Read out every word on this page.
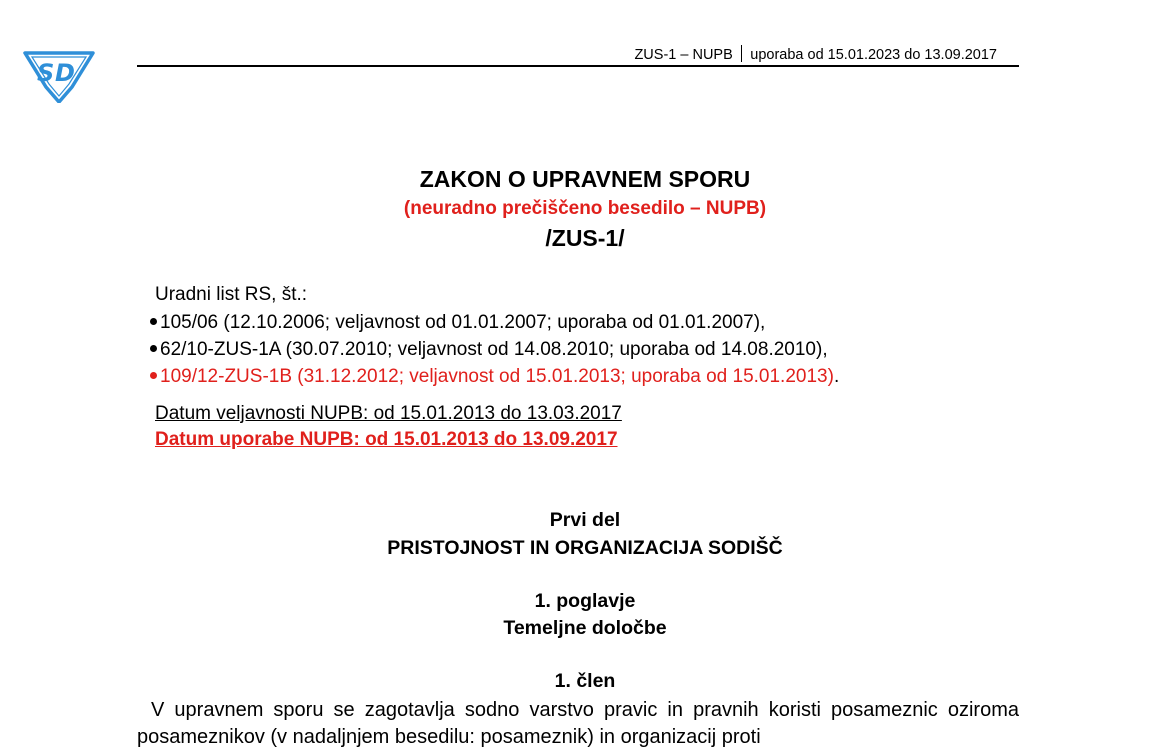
S D
ZUS-1 – NUPB uporaba od 15.01.2023 do 13.09.2017
ZAKON O UPRAVNEM SPORU
(neuradno prečiščeno besedilo – NUPB)
/ZUS-1/
Uradni list RS, št.:
105/06 (12.10.2006; veljavnost od 01.01.2007; uporaba od 01.01.2007),
62/10-ZUS-1A (30.07.2010; veljavnost od 14.08.2010; uporaba od 14.08.2010),
109/12-ZUS-1B (31.12.2012; veljavnost od 15.01.2013; uporaba od 15.01.2013).
Datum veljavnosti NUPB: od 15.01.2013 do 13.03.2017
Datum uporabe NUPB: od 15.01.2013 do 13.09.2017
Prvi del
PRISTOJNOST IN ORGANIZACIJA SODIŠČ
1. poglavje
Temeljne določbe
1. člen

V upravnem sporu se zagotavlja sodno varstvo pravic in pravnih koristi posameznic oziroma posameznikov (v nadaljnjem besedilu: posameznik) in organizacij proti
